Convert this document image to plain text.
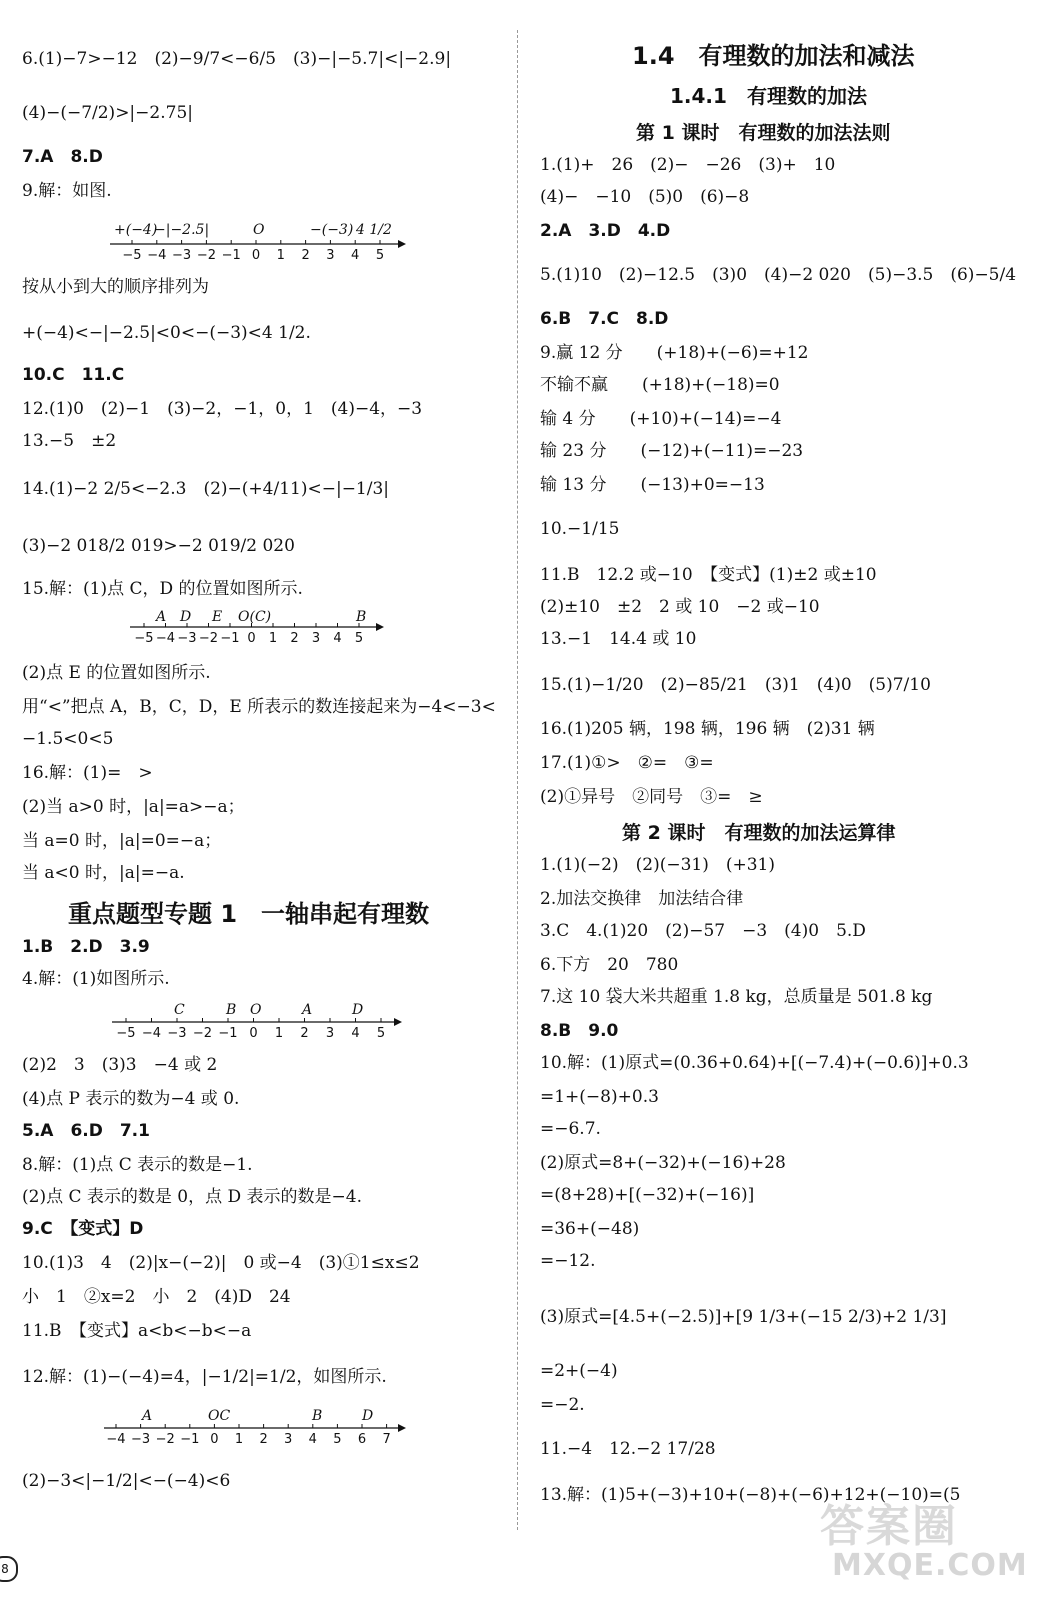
6.(1)−7>−12　(2)−9/7<−6/5　(3)−|−5.7|<|−2.9|
(4)−(−7/2)>|−2.75|
7.A　8.D
9.解：如图.
−5 −4 −3 −2 −1 0 1 2 3 4 5
+(−4)
−|−2.5|	O	−(−3) 4 1/2
按从小到大的顺序排列为
+(−4)<−|−2.5|<0<−(−3)<4 1/2.
10.C　11.C
12.(1)0　(2)−1　(3)−2，−1，0，1　(4)−4，−3
13.−5　±2
14.(1)−2 2/5<−2.3　(2)−(+4/11)<−|−1/3|
(3)−2 018/2 019>−2 019/2 020
15.解：(1)点 C，D 的位置如图所示.
−5 −4 −3 −2 −1 0 1 2 3 4 5
A D E O(C)	B
(2)点 E 的位置如图所示.
用“<”把点 A，B，C，D，E 所表示的数连接起来为−4<−3<
−1.5<0<5
16.解：(1)=　>
(2)当 a>0 时，|a|=a>−a；
当 a=0 时，|a|=0=−a；
当 a<0 时，|a|=−a.
重点题型专题 1　一轴串起有理数
1.B　2.D　3.9
4.解：(1)如图所示.
−5 −4 −3 −2 −1 0 1 2 3 4 5
C	B O	A	D
(2)2　3　(3)3　−4 或 2
(4)点 P 表示的数为−4 或 0.
5.A　6.D　7.1
8.解：(1)点 C 表示的数是−1.
(2)点 C 表示的数是 0，点 D 表示的数是−4.
9.C　【变式】D
10.(1)3　4　(2)|x−(−2)|　0 或−4　(3)①1≤x≤2
小　1　②x=2　小　2　(4)D　24
11.B　【变式】a<b<−b<−a
12.解：(1)−(−4)=4，|−1/2|=1/2，如图所示.
−4 −3 −2 −1 0 1 2 3 4 5 6 7
A	OC	B	D
(2)−3<|−1/2|<−(−4)<6
1.4　有理数的加法和减法
1.4.1　有理数的加法
第 1 课时　有理数的加法法则
1.(1)+　26　(2)−　−26　(3)+　10
(4)−　−10　(5)0　(6)−8
2.A　3.D　4.D
5.(1)10　(2)−12.5　(3)0　(4)−2 020　(5)−3.5　(6)−5/4
6.B　7.C　8.D
9.赢 12 分　　(+18)+(−6)=+12
不输不赢　　(+18)+(−18)=0
输 4 分　　(+10)+(−14)=−4
输 23 分　　(−12)+(−11)=−23
输 13 分　　(−13)+0=−13
10.−1/15
11.B　12.2 或−10　【变式】(1)±2 或±10
(2)±10　±2　2 或 10　−2 或−10
13.−1　14.4 或 10
15.(1)−1/20　(2)−85/21　(3)1　(4)0　(5)7/10
16.(1)205 辆，198 辆，196 辆　(2)31 辆
17.(1)①>　②=　③=
(2)①异号　②同号　③=　≥
第 2 课时　有理数的加法运算律
1.(1)(−2)　(2)(−31)　(+31)
2.加法交换律　加法结合律
3.C　4.(1)20　(2)−57　−3　(4)0　5.D
6.下方　20　780
7.这 10 袋大米共超重 1.8 kg，总质量是 501.8 kg
8.B　9.0
10.解：(1)原式=(0.36+0.64)+[(−7.4)+(−0.6)]+0.3
=1+(−8)+0.3
=−6.7.
(2)原式=8+(−32)+(−16)+28
=(8+28)+[(−32)+(−16)]
=36+(−48)
=−12.
(3)原式=[4.5+(−2.5)]+[9 1/3+(−15 2/3)+2 1/3]
=2+(−4)
=−2.
11.−4　12.−2 17/28
13.解：(1)5+(−3)+10+(−8)+(−6)+12+(−10)=(5
答案圈
MXQE.COM
8
